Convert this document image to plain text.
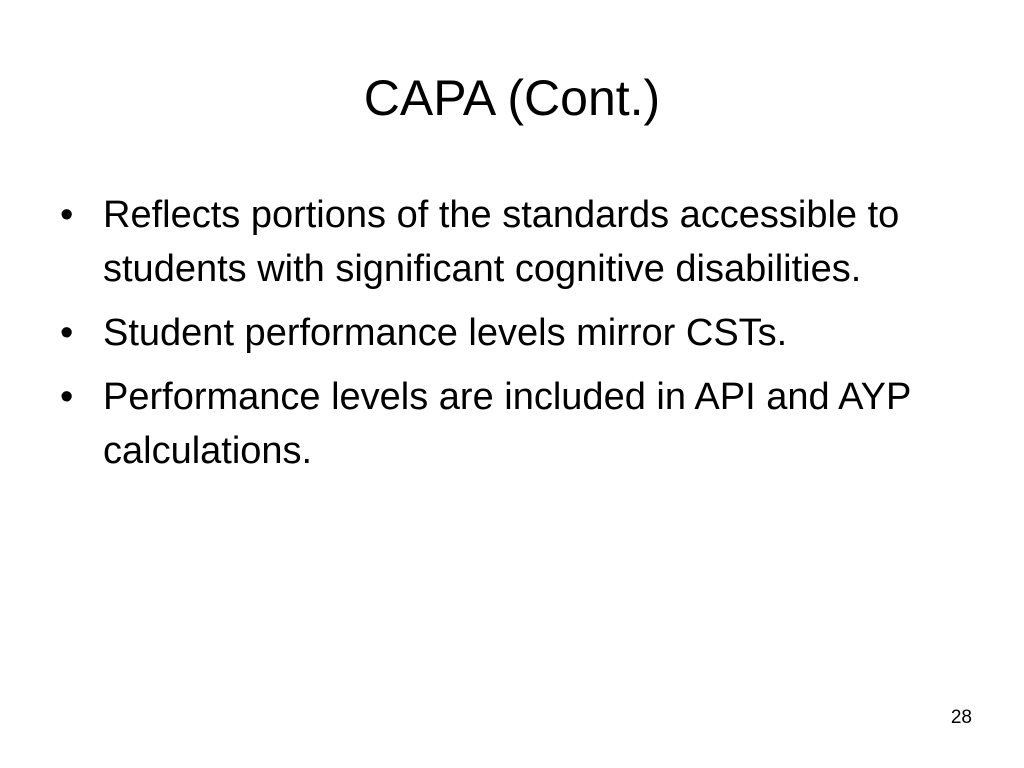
CAPA (Cont.)
• Reflects portions of the standards accessible to students with significant cognitive disabilities.
• Student performance levels mirror CSTs.
• Performance levels are included in API and AYP calculations.
28
